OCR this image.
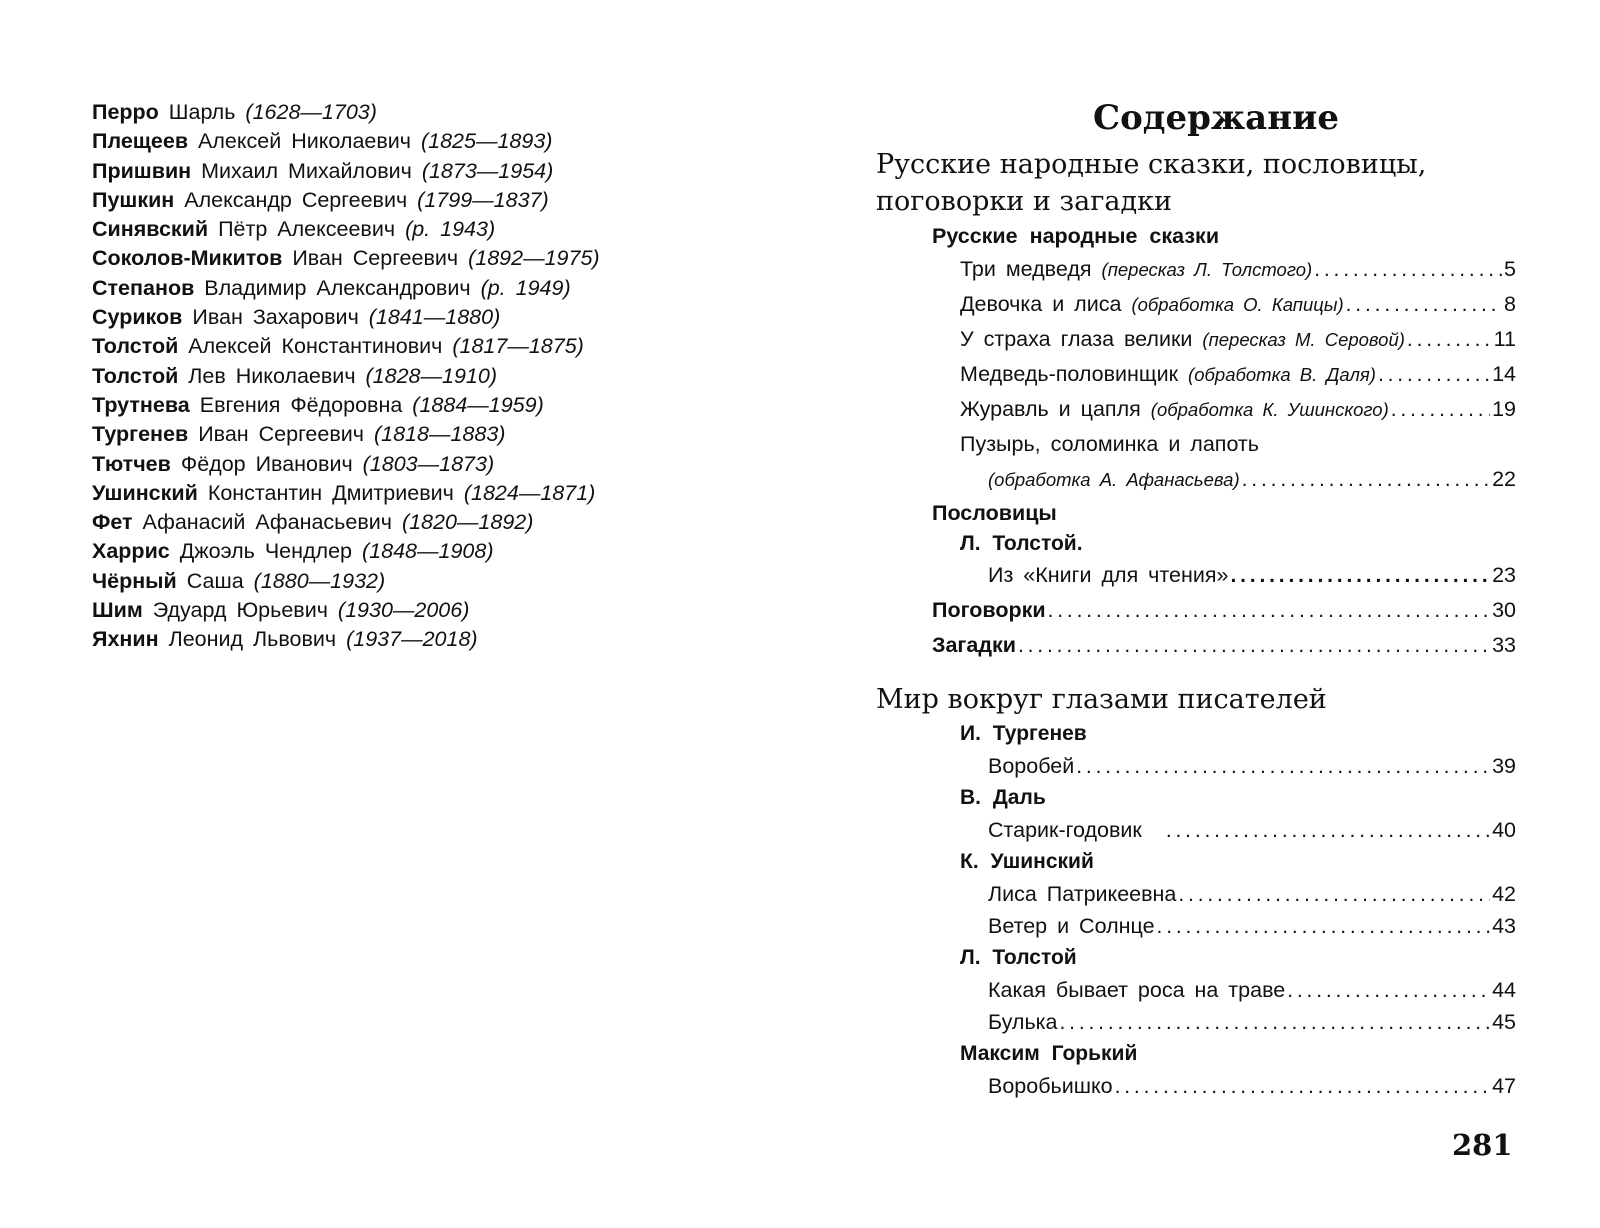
Перро Шарль (1628—1703)
Плещеев Алексей Николаевич (1825—1893)
Пришвин Михаил Михайлович (1873—1954)
Пушкин Александр Сергеевич (1799—1837)
Синявский Пётр Алексеевич (р. 1943)
Соколов-Микитов Иван Сергеевич (1892—1975)
Степанов Владимир Александрович (р. 1949)
Суриков Иван Захарович (1841—1880)
Толстой Алексей Константинович (1817—1875)
Толстой Лев Николаевич (1828—1910)
Трутнева Евгения Фёдоровна (1884—1959)
Тургенев Иван Сергеевич (1818—1883)
Тютчев Фёдор Иванович (1803—1873)
Ушинский Константин Дмитриевич (1824—1871)
Фет Афанасий Афанасьевич (1820—1892)
Харрис Джоэль Чендлер (1848—1908)
Чёрный Саша (1880—1932)
Шим Эдуард Юрьевич (1930—2006)
Яхнин Леонид Львович (1937—2018)
Содержание
Русские народные сказки, пословицы,
поговорки и загадки
Русские народные сказки
Три медведя (пересказ Л. Толстого) . . .	5
Девочка и лиса (обработка О. Капицы) . . .	8
У страха глаза велики (пересказ М. Серовой) . . .	11
Медведь-половинщик (обработка В. Даля) . . .	14
Журавль и цапля (обработка К. Ушинского) . . .	19
Пузырь, соломинка и лапоть
(обработка А. Афанасьева) . . .	22
Пословицы
Л. Толстой.
Из «Книги для чтения» . . .	23
Поговорки . . .	30
Загадки . . .	33
Мир вокруг глазами писателей
И. Тургенев
Воробей . . .	39
В. Даль
Старик-годовик . . .	40
К. Ушинский
Лиса Патрикеевна . . .	42
Ветер и Солнце . . .	43
Л. Толстой
Какая бывает роса на траве . . .	44
Булька . . .	45
Максим Горький
Воробьишко . . .	47
281
